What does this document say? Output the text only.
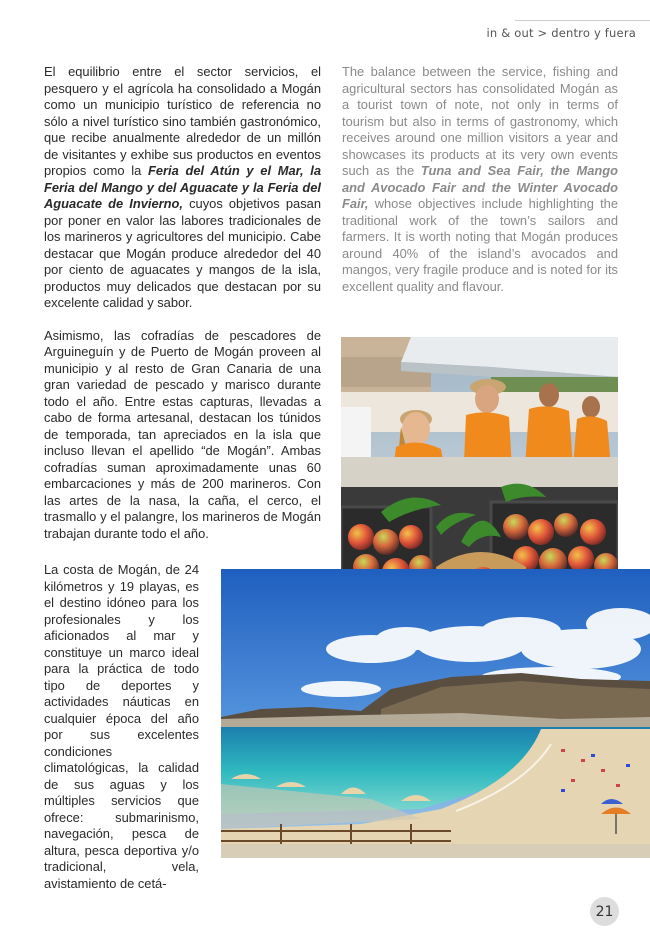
in & out > dentro y fuera

El equilibrio entre el sector servicios, el pesquero y el agrícola ha consolidado a Mogán como un municipio turístico de referencia no sólo a nivel turístico sino también gastronómico, que recibe anualmente alrededor de un millón de visitantes y exhibe sus productos en eventos propios como la Feria del Atún y el Mar, la Feria del Mango y del Aguacate y la Feria del Aguacate de Invierno, cuyos objetivos pasan por poner en valor las labores tradicionales de los marineros y agricultores del municipio. Cabe destacar que Mogán produce alrededor del 40 por ciento de aguacates y mangos de la isla, productos muy delicados que destacan por su excelente calidad y sabor.

Asimismo, las cofradías de pescadores de Arguineguín y de Puerto de Mogán proveen al municipio y al resto de Gran Canaria de una gran variedad de pescado y marisco durante todo el año. Entre estas capturas, llevadas a cabo de forma artesanal, destacan los túnidos de temporada, tan apreciados en la isla que incluso llevan el apellido “de Mogán”. Ambas cofradías suman aproximadamente unas 60 embarcaciones y más de 200 marineros. Con las artes de la nasa, la caña, el cerco, el trasmallo y el palangre, los marineros de Mogán trabajan durante todo el año.

The balance between the service, fishing and agricultural sectors has consolidated Mogán as a tourist town of note, not only in terms of tourism but also in terms of gastronomy, which receives around one million visitors a year and showcases its products at its very own events such as the Tuna and Sea Fair, the Mango and Avocado Fair and the Winter Avocado Fair, whose objectives include highlighting the traditional work of the town’s sailors and farmers. It is worth noting that Mogán produces around 40% of the island’s avocados and mangos, very fragile produce and is noted for its excellent quality and flavour.

La costa de Mogán, de 24 kilómetros y 19 playas, es el destino idóneo para los profesionales y los aficionados al mar y constituye un marco ideal para la práctica de todo tipo de deportes y actividades náuticas en cualquier época del año por sus excelentes condiciones climatológicas, la calidad de sus aguas y los múltiples servicios que ofrece: submarinismo, navegación, pesca de altura, pesca deportiva y/o tradicional, vela, avistamiento de cetá-

21
